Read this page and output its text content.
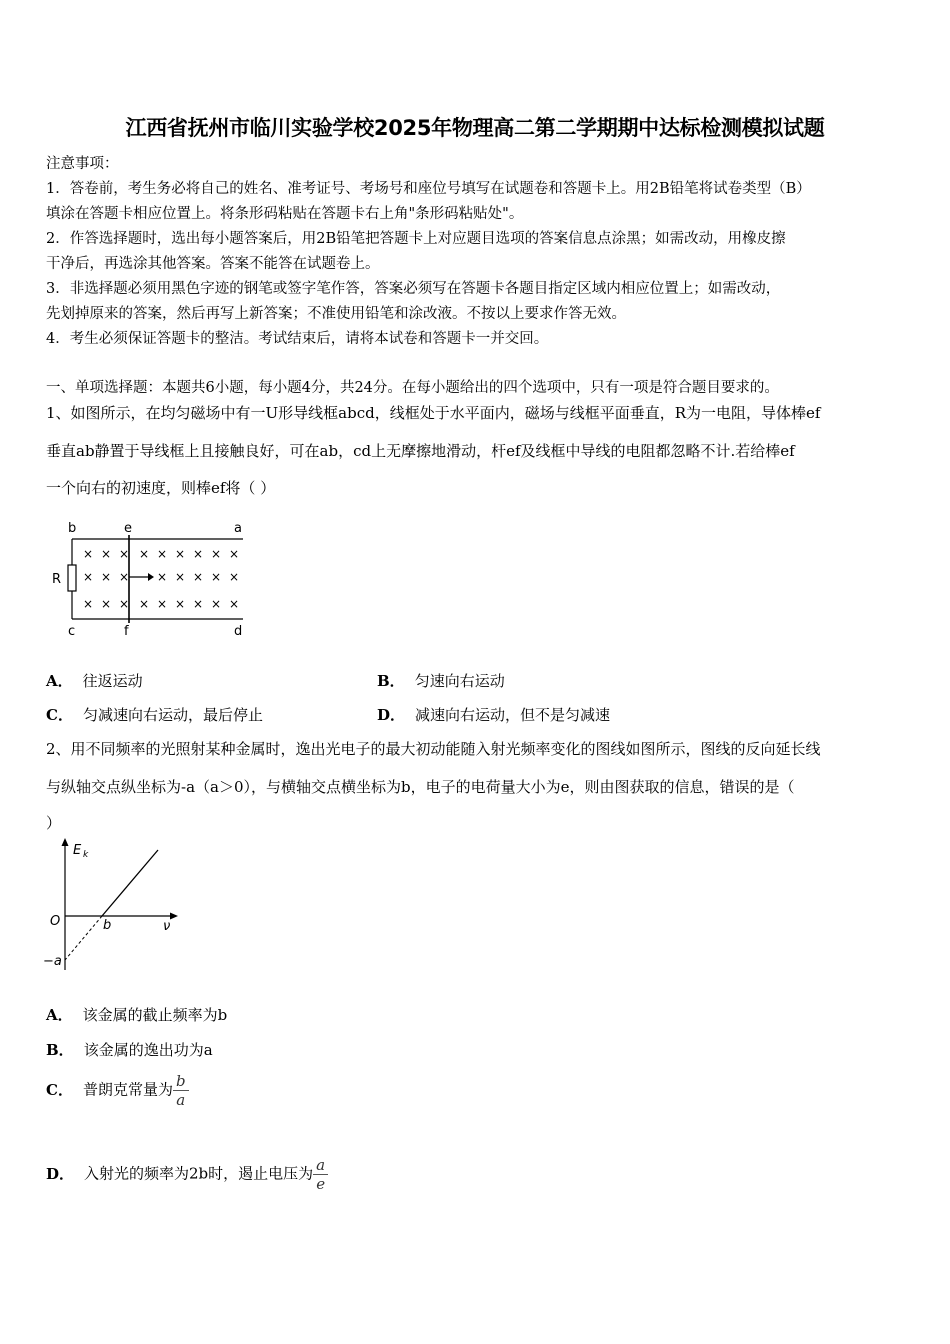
江西省抚州市临川实验学校2025年物理高二第二学期期中达标检测模拟试题
注意事项：
1．答卷前，考生务必将自己的姓名、准考证号、考场号和座位号填写在试题卷和答题卡上。用2B铅笔将试卷类型（B）
填涂在答题卡相应位置上。将条形码粘贴在答题卡右上角"条形码粘贴处"。
2．作答选择题时，选出每小题答案后，用2B铅笔把答题卡上对应题目选项的答案信息点涂黑；如需改动，用橡皮擦
干净后，再选涂其他答案。答案不能答在试题卷上。
3．非选择题必须用黑色字迹的钢笔或签字笔作答，答案必须写在答题卡各题目指定区域内相应位置上；如需改动，
先划掉原来的答案，然后再写上新答案；不准使用铅笔和涂改液。不按以上要求作答无效。
4．考生必须保证答题卡的整洁。考试结束后，请将本试卷和答题卡一并交回。
一、单项选择题：本题共6小题，每小题4分，共24分。在每小题给出的四个选项中，只有一项是符合题目要求的。
1、如图所示，在均匀磁场中有一U形导线框abcd，线框处于水平面内，磁场与线框平面垂直，R为一电阻，导体棒ef
垂直ab静置于导线框上且接触良好，可在ab，cd上无摩擦地滑动，杆ef及线框中导线的电阻都忽略不计.若给棒ef
一个向右的初速度，则棒ef将（ ）
b	e	a
c	f	d
R
× × × × × × × × ×
× × × × × × × ×
× × × × × × × × ×
A． 往返运动	B． 匀速向右运动
C． 匀减速向右运动，最后停止	D． 减速向右运动，但不是匀减速
2、用不同频率的光照射某种金属时，逸出光电子的最大初动能随入射光频率变化的图线如图所示，图线的反向延长线
与纵轴交点纵坐标为-a（a＞0），与横轴交点横坐标为b，电子的电荷量大小为e，则由图获取的信息，错误的是（
）
E k
O	b	ν
−a
A． 该金属的截止频率为b
B． 该金属的逸出功为a
C． 普朗克常量为 $\frac{b}{a}$
D． 入射光的频率为2b时，遏止电压为 $\frac{a}{e}$
